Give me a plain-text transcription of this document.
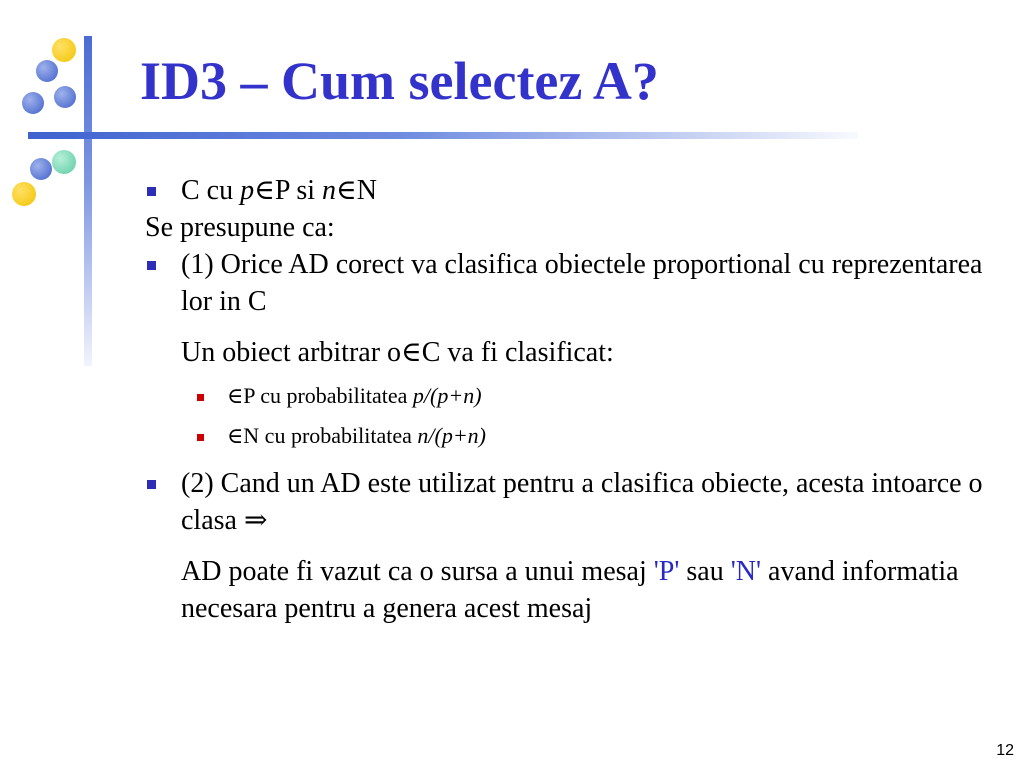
ID3 – Cum selectez A?
C cu p∈P si n∈N
Se presupune ca:
(1) Orice AD corect va clasifica obiectele proportional cu reprezentarea lor in C
Un obiect arbitrar o∈C va fi clasificat:
∈P cu probabilitatea p/(p+n)
∈N cu probabilitatea n/(p+n)
(2) Cand un AD este utilizat pentru a clasifica obiecte, acesta intoarce o clasa ⇒
AD poate fi vazut ca o sursa a unui mesaj 'P' sau 'N' avand informatia necesara pentru a genera acest mesaj
12
